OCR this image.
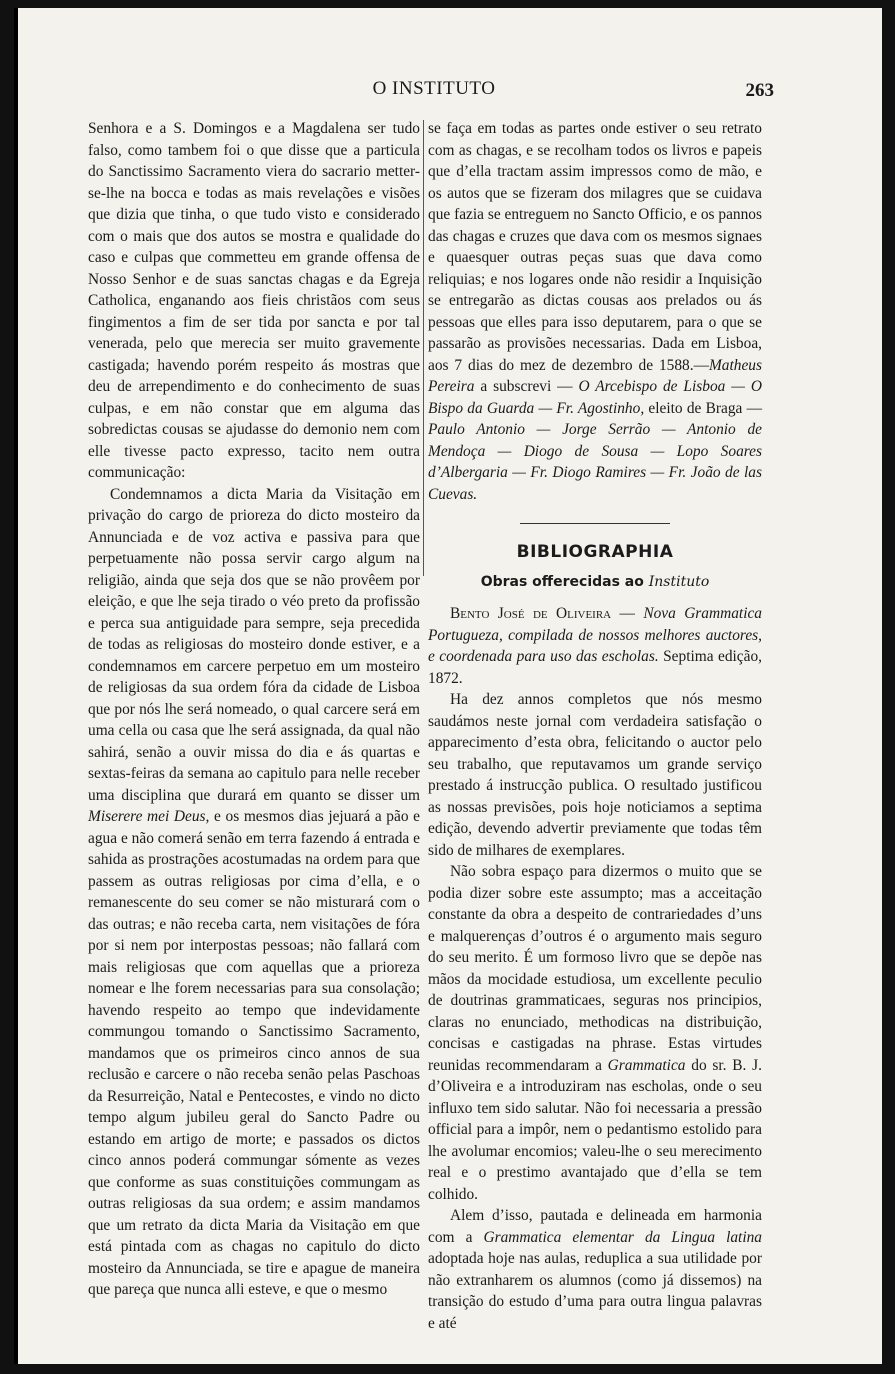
O INSTITUTO	263

Senhora e a S. Domingos e a Magdalena ser tudo falso, como tambem foi o que disse que a particula do Sanctissimo Sacramento viera do sacrario metter-se-lhe na bocca e todas as mais revelações e visões que dizia que tinha, o que tudo visto e considerado com o mais que dos autos se mostra e qualidade do caso e culpas que commetteu em grande offensa de Nosso Senhor e de suas sanctas chagas e da Egreja Catholica, enganando aos fieis christãos com seus fingimentos a fim de ser tida por sancta e por tal venerada, pelo que merecia ser muito gravemente castigada; havendo porém respeito ás mostras que deu de arrependimento e do conhecimento de suas culpas, e em não constar que em alguma das sobredictas cousas se ajudasse do demonio nem com elle tivesse pacto expresso, tacito nem outra communicação:

Condemnamos a dicta Maria da Visitação em privação do cargo de prioreza do dicto mosteiro da Annunciada e de voz activa e passiva para que perpetuamente não possa servir cargo algum na religião, ainda que seja dos que se não provêem por eleição, e que lhe seja tirado o véo preto da profissão e perca sua antiguidade para sempre, seja precedida de todas as religiosas do mosteiro donde estiver, e a condemnamos em carcere perpetuo em um mosteiro de religiosas da sua ordem fóra da cidade de Lisboa que por nós lhe será nomeado, o qual carcere será em uma cella ou casa que lhe será assignada, da qual não sahirá, senão a ouvir missa do dia e ás quartas e sextas-feiras da semana ao capitulo para nelle receber uma disciplina que durará em quanto se disser um Miserere mei Deus, e os mesmos dias jejuará a pão e agua e não comerá senão em terra fazendo á entrada e sahida as prostrações acostumadas na ordem para que passem as outras religiosas por cima d’ella, e o remanescente do seu comer se não misturará com o das outras; e não receba carta, nem visitações de fóra por si nem por interpostas pessoas; não fallará com mais religiosas que com aquellas que a prioreza nomear e lhe forem necessarias para sua consolação; havendo respeito ao tempo que indevidamente commungou tomando o Sanctissimo Sacramento, mandamos que os primeiros cinco annos de sua reclusão e carcere o não receba senão pelas Paschoas da Resurreição, Natal e Pentecostes, e vindo no dicto tempo algum jubileu geral do Sancto Padre ou estando em artigo de morte; e passados os dictos cinco annos poderá commungar sómente as vezes que conforme as suas constituições commungam as outras religiosas da sua ordem; e assim mandamos que um retrato da dicta Maria da Visitação em que está pintada com as chagas no capitulo do dicto mosteiro da Annunciada, se tire e apague de maneira que pareça que nunca alli esteve, e que o mesmo

se faça em todas as partes onde estiver o seu retrato com as chagas, e se recolham todos os livros e papeis que d’ella tractam assim impressos como de mão, e os autos que se fizeram dos milagres que se cuidava que fazia se entreguem no Sancto Officio, e os pannos das chagas e cruzes que dava com os mesmos signaes e quaesquer outras peças suas que dava como reliquias; e nos logares onde não residir a Inquisição se entregarão as dictas cousas aos prelados ou ás pessoas que elles para isso deputarem, para o que se passarão as provisões necessarias. Dada em Lisboa, aos 7 dias do mez de dezembro de 1588.—Matheus Pereira a subscrevi — O Arcebispo de Lisboa — O Bispo da Guarda — Fr. Agostinho, eleito de Braga — Paulo Antonio — Jorge Serrão — Antonio de Mendoça — Diogo de Sousa — Lopo Soares d’Albergaria — Fr. Diogo Ramires — Fr. João de las Cuevas.

BIBLIOGRAPHIA
Obras offerecidas ao Instituto

Bento José de Oliveira — Nova Grammatica Portugueza, compilada de nossos melhores auctores, e coordenada para uso das escholas. Septima edição, 1872.

Ha dez annos completos que nós mesmo saudámos neste jornal com verdadeira satisfação o apparecimento d’esta obra, felicitando o auctor pelo seu trabalho, que reputavamos um grande serviço prestado á instrucção publica. O resultado justificou as nossas previsões, pois hoje noticiamos a septima edição, devendo advertir previamente que todas têm sido de milhares de exemplares.

Não sobra espaço para dizermos o muito que se podia dizer sobre este assumpto; mas a acceitação constante da obra a despeito de contrariedades d’uns e malquerenças d’outros é o argumento mais seguro do seu merito. É um formoso livro que se depõe nas mãos da mocidade estudiosa, um excellente peculio de doutrinas grammaticaes, seguras nos principios, claras no enunciado, methodicas na distribuição, concisas e castigadas na phrase. Estas virtudes reunidas recommendaram a Grammatica do sr. B. J. d’Oliveira e a introduziram nas escholas, onde o seu influxo tem sido salutar. Não foi necessaria a pressão official para a impôr, nem o pedantismo estolido para lhe avolumar encomios; valeu-lhe o seu merecimento real e o prestimo avantajado que d’ella se tem colhido.

Alem d’isso, pautada e delineada em harmonia com a Grammatica elementar da Lingua latina adoptada hoje nas aulas, reduplica a sua utilidade por não extranharem os alumnos (como já dissemos) na transição do estudo d’uma para outra lingua palavras e até
